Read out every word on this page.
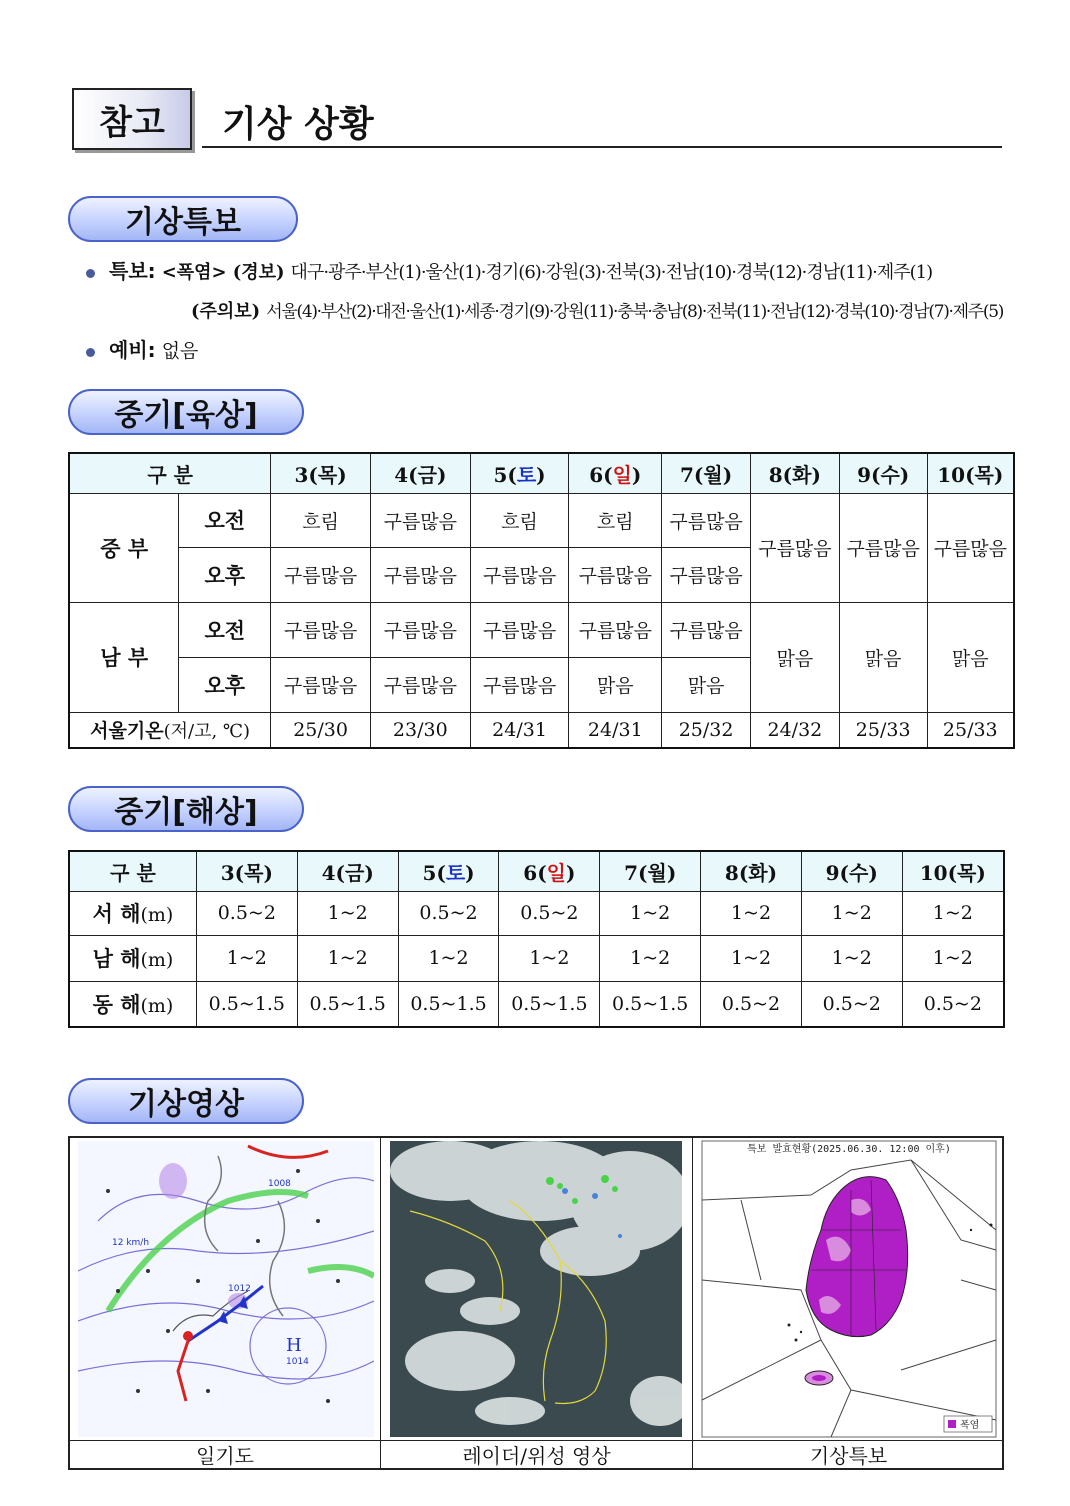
참고	기상 상황
기상특보
특보: <폭염> (경보) 대구·광주·부산(1)·울산(1)·경기(6)·강원(3)·전북(3)·전남(10)·경북(12)·경남(11)·제주(1)
(주의보) 서울(4)·부산(2)·대전·울산(1)·세종·경기(9)·강원(11)·충북·충남(8)·전북(11)·전남(12)·경북(10)·경남(7)·제주(5)
예비: 없음
중기[육상]
구 분		3(목)	4(금)	5(토)	6(일)	7(월)	8(화)	9(수)	10(목)
중 부	오전	흐림	구름많음	흐림	흐림	구름많음	구름많음	구름많음	구름많음
	오후	구름많음	구름많음	구름많음	구름많음	구름많음			
남 부	오전	구름많음	구름많음	구름많음	구름많음	구름많음	맑음	맑음	맑음
	오후	구름많음	구름많음	구름많음	맑음	맑음			
서울기온(저/고, ℃)		25/30	23/30	24/31	24/31	25/32	24/32	25/33	25/33
중기[해상]
구 분	3(목)	4(금)	5(토)	6(일)	7(월)	8(화)	9(수)	10(목)
서 해(m)	0.5~2	1~2	0.5~2	0.5~2	1~2	1~2	1~2	1~2
남 해(m)	1~2	1~2	1~2	1~2	1~2	1~2	1~2	1~2
동 해(m)	0.5~1.5	0.5~1.5	0.5~1.5	0.5~1.5	0.5~1.5	0.5~2	0.5~2	0.5~2
기상영상
1008
12 km/h
1014
1012
H
특보 발효현황(2025.06.30. 12:00 이후)
폭염
일기도	레이더/위성 영상	기상특보
